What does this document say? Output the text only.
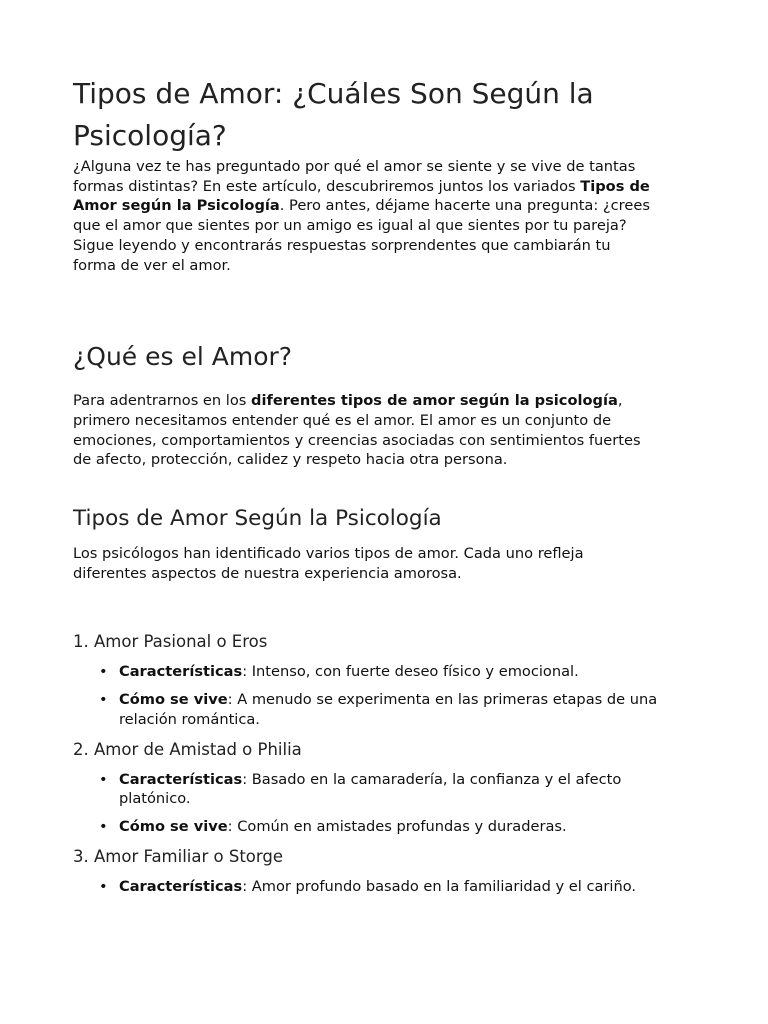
Tipos de Amor: ¿Cuáles Son Según la Psicología?

¿Alguna vez te has preguntado por qué el amor se siente y se vive de tantas formas distintas? En este artículo, descubriremos juntos los variados Tipos de Amor según la Psicología. Pero antes, déjame hacerte una pregunta: ¿crees que el amor que sientes por un amigo es igual al que sientes por tu pareja? Sigue leyendo y encontrarás respuestas sorprendentes que cambiarán tu forma de ver el amor.

¿Qué es el Amor?

Para adentrarnos en los diferentes tipos de amor según la psicología, primero necesitamos entender qué es el amor. El amor es un conjunto de emociones, comportamientos y creencias asociadas con sentimientos fuertes de afecto, protección, calidez y respeto hacia otra persona.

Tipos de Amor Según la Psicología

Los psicólogos han identificado varios tipos de amor. Cada uno refleja diferentes aspectos de nuestra experiencia amorosa.

1. Amor Pasional o Eros
• Características: Intenso, con fuerte deseo físico y emocional.
• Cómo se vive: A menudo se experimenta en las primeras etapas de una relación romántica.
2. Amor de Amistad o Philia
• Características: Basado en la camaradería, la confianza y el afecto platónico.
• Cómo se vive: Común en amistades profundas y duraderas.
3. Amor Familiar o Storge
• Características: Amor profundo basado en la familiaridad y el cariño.
